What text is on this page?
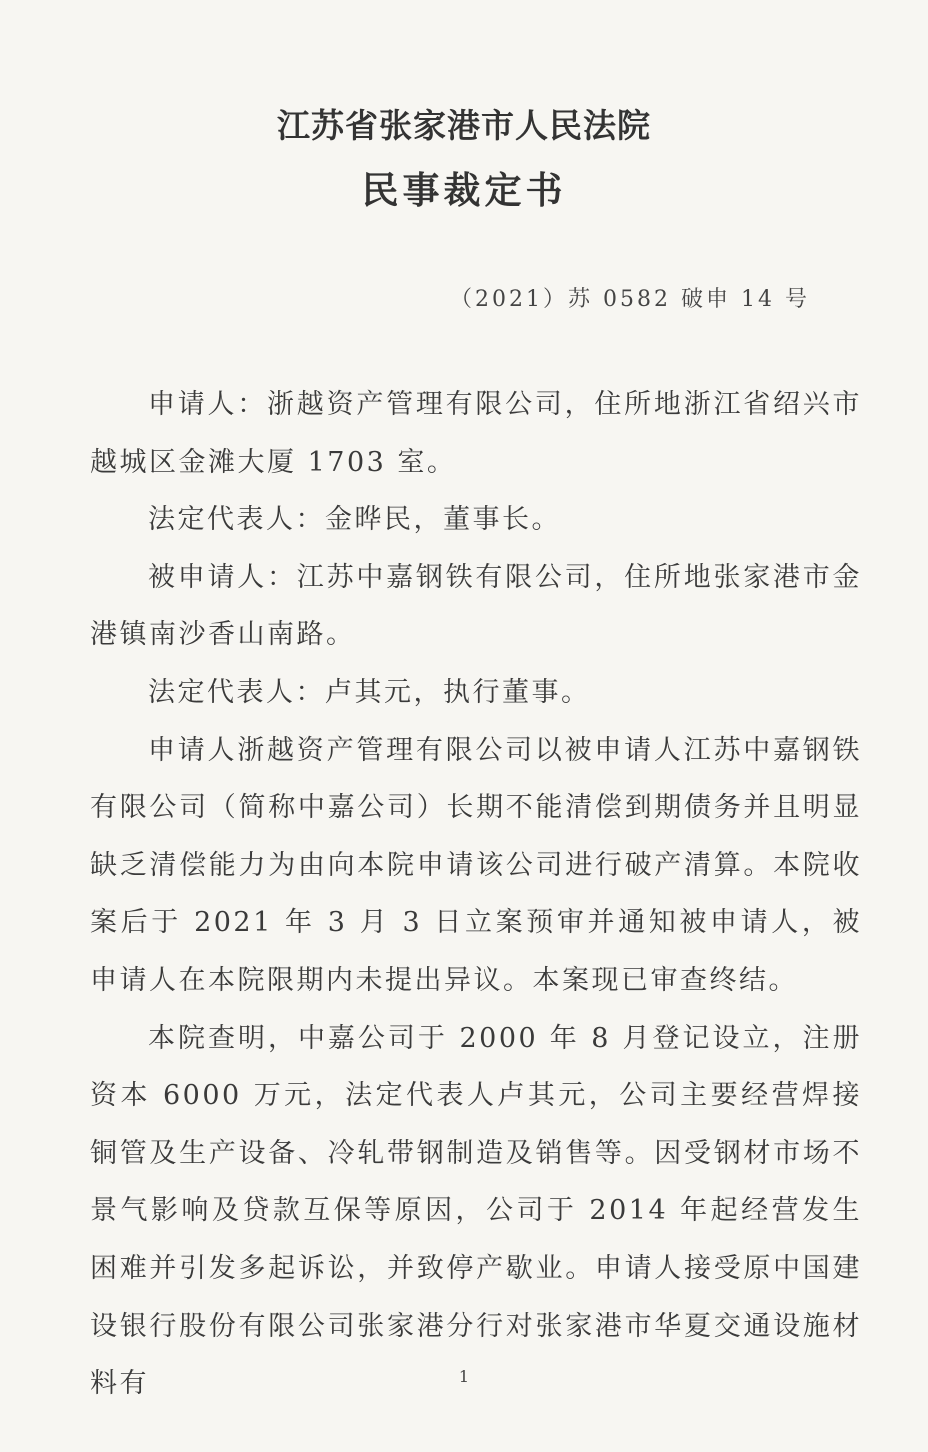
江苏省张家港市人民法院
民事裁定书
（2021）苏 0582 破申 14 号

申请人：浙越资产管理有限公司，住所地浙江省绍兴市越城区金滩大厦 1703 室。

法定代表人：金晔民，董事长。

被申请人：江苏中嘉钢铁有限公司，住所地张家港市金港镇南沙香山南路。

法定代表人：卢其元，执行董事。

申请人浙越资产管理有限公司以被申请人江苏中嘉钢铁有限公司（简称中嘉公司）长期不能清偿到期债务并且明显缺乏清偿能力为由向本院申请该公司进行破产清算。本院收案后于 2021 年 3 月 3 日立案预审并通知被申请人，被申请人在本院限期内未提出异议。本案现已审查终结。

本院查明，中嘉公司于 2000 年 8 月登记设立，注册资本 6000 万元，法定代表人卢其元，公司主要经营焊接铜管及生产设备、冷轧带钢制造及销售等。因受钢材市场不景气影响及贷款互保等原因，公司于 2014 年起经营发生困难并引发多起诉讼，并致停产歇业。申请人接受原中国建设银行股份有限公司张家港分行对张家港市华夏交通设施材料有	1
